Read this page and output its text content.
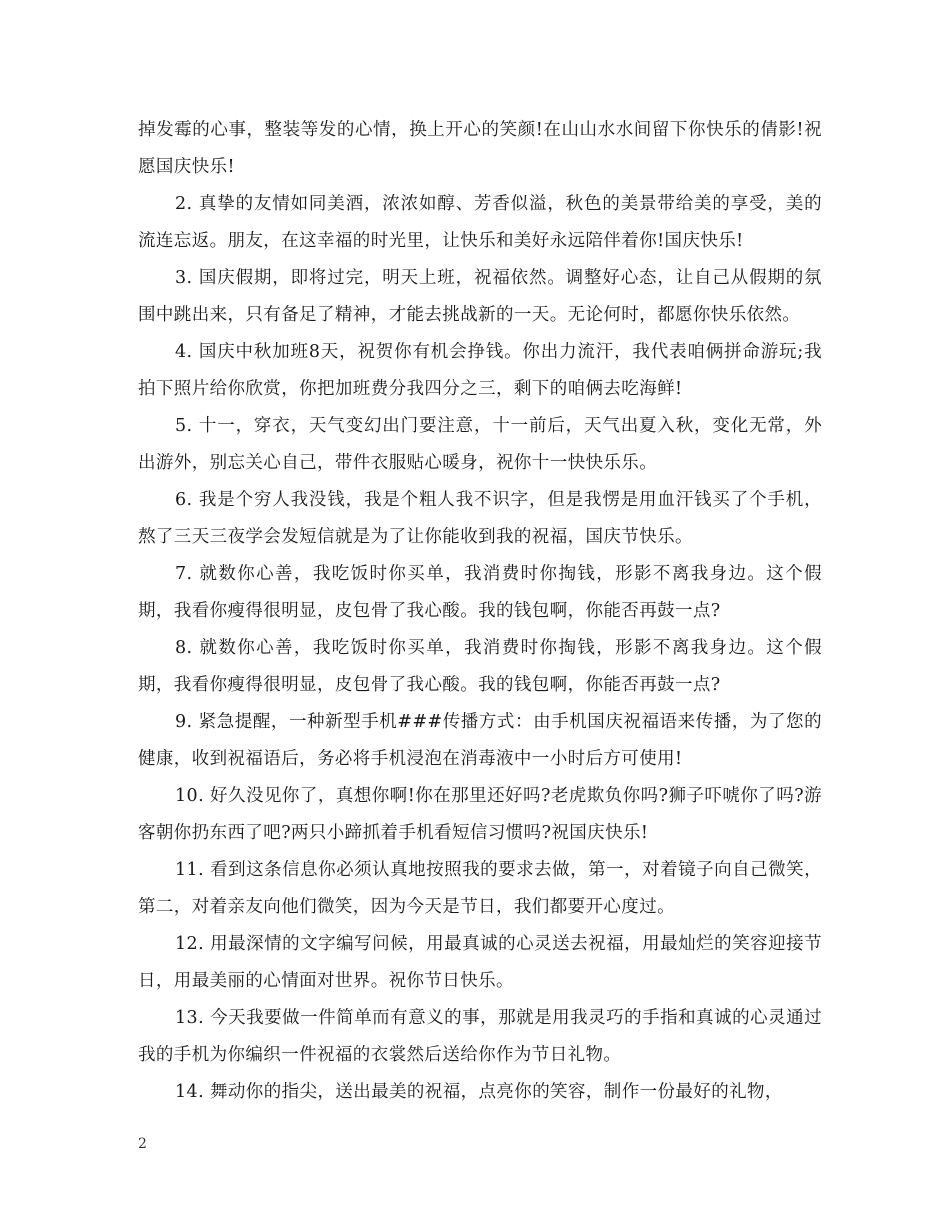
掉发霉的心事，整装等发的心情，换上开心的笑颜!在山山水水间留下你快乐的倩影!祝愿国庆快乐!

2. 真挚的友情如同美酒，浓浓如醇、芳香似溢，秋色的美景带给美的享受，美的流连忘返。朋友，在这幸福的时光里，让快乐和美好永远陪伴着你!国庆快乐!

3. 国庆假期，即将过完，明天上班，祝福依然。调整好心态，让自己从假期的氛围中跳出来，只有备足了精神，才能去挑战新的一天。无论何时，都愿你快乐依然。

4. 国庆中秋加班8天，祝贺你有机会挣钱。你出力流汗，我代表咱俩拼命游玩;我拍下照片给你欣赏，你把加班费分我四分之三，剩下的咱俩去吃海鲜!

5. 十一，穿衣，天气变幻出门要注意，十一前后，天气出夏入秋，变化无常，外出游外，别忘关心自己，带件衣服贴心暖身，祝你十一快快乐乐。

6. 我是个穷人我没钱，我是个粗人我不识字，但是我愣是用血汗钱买了个手机，熬了三天三夜学会发短信就是为了让你能收到我的祝福，国庆节快乐。

7. 就数你心善，我吃饭时你买单，我消费时你掏钱，形影不离我身边。这个假期，我看你瘦得很明显，皮包骨了我心酸。我的钱包啊，你能否再鼓一点?

8. 就数你心善，我吃饭时你买单，我消费时你掏钱，形影不离我身边。这个假期，我看你瘦得很明显，皮包骨了我心酸。我的钱包啊，你能否再鼓一点?

9. 紧急提醒，一种新型手机###传播方式：由手机国庆祝福语来传播，为了您的健康，收到祝福语后，务必将手机浸泡在消毒液中一小时后方可使用!

10. 好久没见你了，真想你啊!你在那里还好吗?老虎欺负你吗?狮子吓唬你了吗?游客朝你扔东西了吧?两只小蹄抓着手机看短信习惯吗?祝国庆快乐!

11. 看到这条信息你必须认真地按照我的要求去做，第一，对着镜子向自己微笑，第二，对着亲友向他们微笑，因为今天是节日，我们都要开心度过。

12. 用最深情的文字编写问候，用最真诚的心灵送去祝福，用最灿烂的笑容迎接节日，用最美丽的心情面对世界。祝你节日快乐。

13. 今天我要做一件简单而有意义的事，那就是用我灵巧的手指和真诚的心灵通过我的手机为你编织一件祝福的衣裳然后送给你作为节日礼物。

14. 舞动你的指尖，送出最美的祝福，点亮你的笑容，制作一份最好的礼物，

2
